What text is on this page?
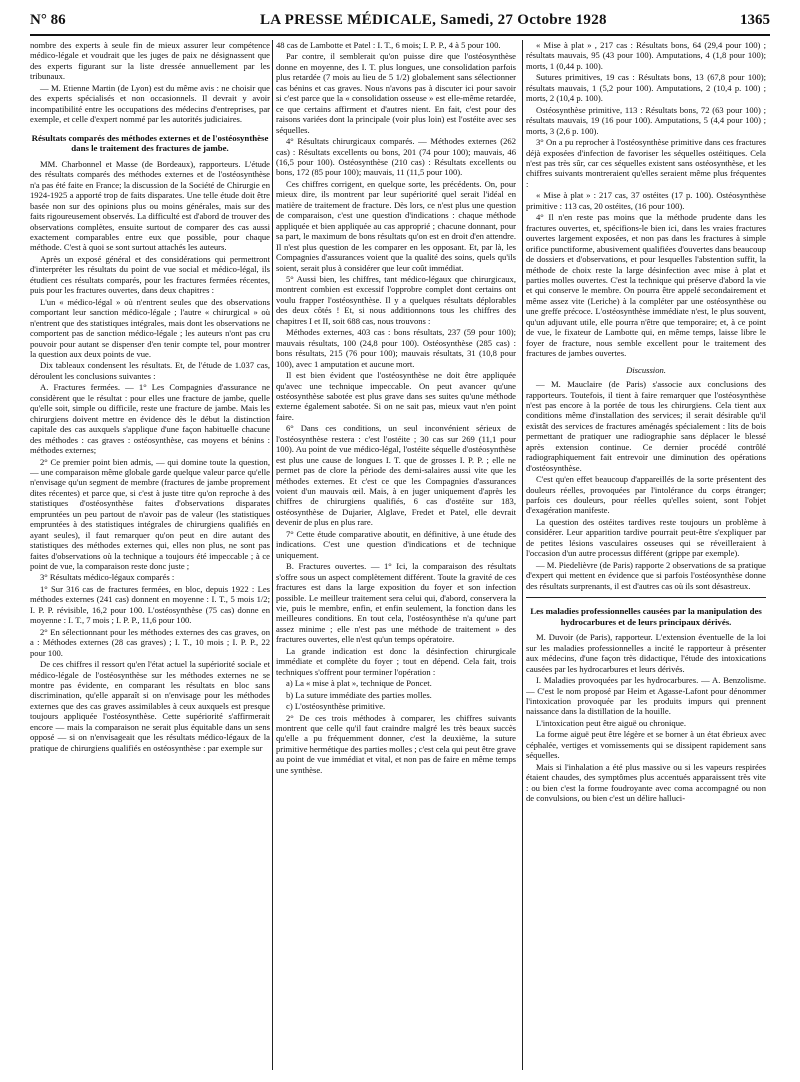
N° 86	LA PRESSE MÉDICALE, Samedi, 27 Octobre 1928	1365

nombre des experts à seule fin de mieux assurer leur compétence médico-légale et voudrait que les juges de paix ne désignassent que des experts figurant sur la liste dressée annuellement par les tribunaux.

— M. Etienne Martin (de Lyon) est du même avis : ne choisir que des experts spécialisés et non occasionnels. Il devrait y avoir incompatibilité entre les occupations des médecins d'entreprises, par exemple, et celle d'expert nommé par les autorités judiciaires.

Résultats comparés des méthodes externes et de l'ostéosynthèse dans le traitement des fractures de jambe.

MM. Charbonnel et Masse (de Bordeaux), rapporteurs. L'étude des résultats comparés des méthodes externes et de l'ostéosynthèse n'a pas été faite en France; la discussion de la Société de Chirurgie en 1924-1925 a apporté trop de faits disparates. Une telle étude doit être basée non sur des opinions plus ou moins générales, mais sur des faits rigoureusement observés. La difficulté est d'abord de trouver des observations complètes, ensuite surtout de comparer des cas aussi exactement comparables entre eux que possible, pour chaque méthode. C'est à quoi se sont surtout attachés les auteurs.

Après un exposé général et des considérations qui permettront d'interpréter les résultats du point de vue social et médico-légal, ils étudient ces résultats comparés, pour les fractures fermées récentes, puis pour les fractures ouvertes, dans deux chapitres :

L'un « médico-légal » où n'entrent seules que des observations comportant leur sanction médico-légale ; l'autre « chirurgical » où n'entrent que des statistiques intégrales, mais dont les observations ne comportent pas de sanction médico-légale ; les auteurs n'ont pas cru pouvoir pour autant se dispenser d'en tenir compte tel, pour montrer la question aux deux points de vue.

Dix tableaux condensent les résultats. Et, de l'étude de 1.037 cas, déroulent les conclusions suivantes :

A. Fractures fermées. — 1° Les Compagnies d'assurance ne considèrent que le résultat : pour elles une fracture de jambe, quelle qu'elle soit, simple ou difficile, reste une fracture de jambe. Mais les chirurgiens doivent mettre en évidence dès le début la distinction capitale des cas auxquels s'applique d'une façon habituelle chacune des méthodes : cas graves : ostéosynthèse, cas moyens et bénins : méthodes externes;

2° Ce premier point bien admis, — qui domine toute la question, — une comparaison même globale garde quelque valeur parce qu'elle n'envisage qu'un segment de membre (fractures de jambe proprement dites récentes) et parce que, si c'est à juste titre qu'on reproche à des statistiques d'ostéosynthèse faites d'observations disparates empruntées un peu partout de n'avoir pas de valeur (les statistiques empruntées à des statistiques intégrales de chirurgiens qualifiés en ayant seules), il faut remarquer qu'on peut en dire autant des statistiques des méthodes externes qui, elles non plus, ne sont pas faites d'observations où la technique a toujours été impeccable ; à ce point de vue, la comparaison reste donc juste ;

3° Résultats médico-légaux comparés :

1° Sur 316 cas de fractures fermées, en bloc, depuis 1922 : Les méthodes externes (241 cas) donnent en moyenne : I. T., 5 mois 1/2; I. P. P. révisible, 16,2 pour 100. L'ostéosynthèse (75 cas) donne en moyenne : I. T., 7 mois ; I. P. P., 11,6 pour 100.

2° En sélectionnant pour les méthodes externes des cas graves, on a : Méthodes externes (28 cas graves) ; I. T., 10 mois ; I. P. P., 22 pour 100.

De ces chiffres il ressort qu'en l'état actuel la supériorité sociale et médico-légale de l'ostéosynthèse sur les méthodes externes ne se montre pas évidente, en comparant les résultats en bloc sans discrimination, qu'elle apparaît si on n'envisage pour les méthodes externes que des cas graves assimilables à ceux auxquels est presque toujours appliquée l'ostéosynthèse. Cette supériorité s'affirmerait encore — mais la comparaison ne serait plus équitable dans un sens opposé — si on n'envisageait que les résultats médico-légaux de la pratique de chirurgiens qualifiés en ostéosynthèse : par exemple sur

48 cas de Lambotte et Patel : I. T., 6 mois; I. P. P., 4 à 5 pour 100.

Par contre, il semblerait qu'on puisse dire que l'ostéosynthèse donne en moyenne, des I. T. plus longues, une consolidation parfois plus retardée (7 mois au lieu de 5 1/2) globalement sans sélectionner cas bénins et cas graves. Nous n'avons pas à discuter ici pour savoir si c'est parce que la « consolidation osseuse » est elle-même retardée, ce que certains affirment et d'autres nient. En fait, c'est pour des raisons variées dont la principale (voir plus loin) est l'ostéite avec ses séquelles.

4° Résultats chirurgicaux comparés. — Méthodes externes (262 cas) : Résultats excellents ou bons, 201 (74 pour 100); mauvais, 46 (16,5 pour 100). Ostéosynthèse (210 cas) : Résultats excellents ou bons, 172 (85 pour 100); mauvais, 11 (11,5 pour 100).

Ces chiffres corrigent, en quelque sorte, les précédents. On, pour mieux dire, ils montrent par leur supériorité quel serait l'idéal en matière de traitement de fracture. Dès lors, ce n'est plus une question de comparaison, c'est une question d'indications : chaque méthode appliquée et bien appliquée au cas approprié ; chacune donnant, pour sa part, le maximum de bons résultats qu'on est en droit d'en attendre. Il n'est plus question de les comparer en les opposant. Et, par là, les Compagnies d'assurances voient que la qualité des soins, quels qu'ils soient, serait plus à considérer que leur coût immédiat.

5° Aussi bien, les chiffres, tant médico-légaux que chirurgicaux, montrent combien est excessif l'opprobre complet dont certains ont voulu frapper l'ostéosynthèse. Il y a quelques résultats déplorables des deux côtés ! Et, si nous additionnons tous les chiffres des chapitres I et II, soit 688 cas, nous trouvons :

Méthodes externes, 403 cas : bons résultats, 237 (59 pour 100); mauvais résultats, 100 (24,8 pour 100). Ostéosynthèse (285 cas) : bons résultats, 215 (76 pour 100); mauvais résultats, 31 (10,8 pour 100), avec 1 amputation et aucune mort.

Il est bien évident que l'ostéosynthèse ne doit être appliquée qu'avec une technique impeccable. On peut avancer qu'une ostéosynthèse sabotée est plus grave dans ses suites qu'une méthode externe également sabotée. Si on ne sait pas, mieux vaut n'en point faire.

6° Dans ces conditions, un seul inconvénient sérieux de l'ostéosynthèse restera : c'est l'ostéite ; 30 cas sur 269 (11,1 pour 100). Au point de vue médico-légal, l'ostéite séquelle d'ostéosynthèse est plus une cause de longues I. T. que de grosses I. P. P. ; elle ne permet pas de clore la période des demi-salaires aussi vite que les méthodes externes. Et c'est ce que les Compagnies d'assurances voient d'un mauvais œil. Mais, à en juger uniquement d'après les chiffres de chirurgiens qualifiés, 6 cas d'ostéite sur 183, ostéosynthèse de Dujarier, Alglave, Fredet et Patel, elle devrait devenir de plus en plus rare.

7° Cette étude comparative aboutit, en définitive, à une étude des indications. C'est une question d'indications et de technique uniquement.

B. Fractures ouvertes. — 1° Ici, la comparaison des résultats s'offre sous un aspect complètement différent. Toute la gravité de ces fractures est dans la large exposition du foyer et son infection possible. Le meilleur traitement sera celui qui, d'abord, conservera la vie, puis le membre, enfin, et enfin seulement, la fonction dans les meilleures conditions. En tout cela, l'ostéosynthèse n'a qu'une part assez minime ; elle n'est pas une méthode de traitement » des fractures ouvertes, elle n'est qu'un temps opératoire.

La grande indication est donc la désinfection chirurgicale immédiate et complète du foyer ; tout en dépend. Cela fait, trois techniques s'offrent pour terminer l'opération :

a) La « mise à plat », technique de Poncet.

b) La suture immédiate des parties molles.

c) L'ostéosynthèse primitive.

2° De ces trois méthodes à comparer, les chiffres suivants montrent que celle qu'il faut craindre malgré les très beaux succès qu'elle a pu fréquemment donner, c'est la deuxième, la suture primitive hermétique des parties molles ; c'est cela qui peut être grave au point de vue immédiat et vital, et non pas de faire en même temps une synthèse.

« Mise à plat » , 217 cas : Résultats bons, 64 (29,4 pour 100) ; résultats mauvais, 95 (43 pour 100). Amputations, 4 (1,8 pour 100); morts, 1 (0,44 p. 100).

Sutures primitives, 19 cas : Résultats bons, 13 (67,8 pour 100); résultats mauvais, 1 (5,2 pour 100). Amputations, 2 (10,4 p. 100) ; morts, 2 (10,4 p. 100).

Ostéosynthèse primitive, 113 : Résultats bons, 72 (63 pour 100) ; résultats mauvais, 19 (16 pour 100). Amputations, 5 (4,4 pour 100) ; morts, 3 (2,6 p. 100).

3° On a pu reprocher à l'ostéosynthèse primitive dans ces fractures déjà exposées d'infection de favoriser les séquelles ostéitiques. Cela n'est pas très sûr, car ces séquelles existent sans ostéosynthèse, et les chiffres suivants montreraient qu'elles seraient même plus fréquentes :

« Mise à plat » : 217 cas, 37 ostéites (17 p. 100). Ostéosynthèse primitive : 113 cas, 20 ostéites, (16 pour 100).

4° Il n'en reste pas moins que la méthode prudente dans les fractures ouvertes, et, spécifions-le bien ici, dans les vraies fractures ouvertes largement exposées, et non pas dans les fractures à simple orifice punctiforme, abusivement qualifiées d'ouvertes dans beaucoup de dossiers et d'observations, et pour lesquelles l'abstention suffit, la méthode de choix reste la large désinfection avec mise à plat et parties molles ouvertes. C'est la technique qui préserve d'abord la vie et qui conserve le membre. On pourra être appelé secondairement et même assez vite (Leriche) à la compléter par une ostéosynthèse ou une greffe précoce. L'ostéosynthèse immédiate n'est, le plus souvent, qu'un adjuvant utile, elle pourra n'être que temporaire; et, à ce point de vue, le fixateur de Lambotte qui, en même temps, laisse libre le foyer de fracture, nous semble excellent pour le traitement des fractures de jambes ouvertes.

Discussion.

— M. Mauclaire (de Paris) s'associe aux conclusions des rapporteurs. Toutefois, il tient à faire remarquer que l'ostéosynthèse n'est pas encore à la portée de tous les chirurgiens. Cela tient aux conditions même d'installation des services; il serait désirable qu'il existât des services de fractures aménagés spécialement : lits de bois permettant de pratiquer une radiographie sans déplacer le blessé après extension continue. Ce dernier procédé contrôlé radiographiquement fait entrevoir une diminution des opérations d'ostéosynthèse.

C'est qu'en effet beaucoup d'appareillés de la sorte présentent des douleurs réelles, provoquées par l'intolérance du corps étranger; parfois ces douleurs, pour réelles qu'elles soient, sont l'objet d'exagération manifeste.

La question des ostéites tardives reste toujours un problème à considérer. Leur apparition tardive pourrait peut-être s'expliquer par de petites lésions vasculaires osseuses qui se réveilleraient à l'occasion d'un autre processus différent (grippe par exemple).

— M. Piedelièvre (de Paris) rapporte 2 observations de sa pratique d'expert qui mettent en évidence que si parfois l'ostéosynthèse donne des résultats surprenants, il est d'autres cas où ils sont désastreux.

Les maladies professionnelles causées par la manipulation des hydrocarbures et de leurs principaux dérivés.

M. Duvoir (de Paris), rapporteur. L'extension éventuelle de la loi sur les maladies professionnelles a incité le rapporteur à présenter aux médecins, d'une façon très didactique, l'étude des intoxications causées par les hydrocarbures et leurs dérivés.

I. Maladies provoquées par les hydrocarbures. — A. Benzolisme. — C'est le nom proposé par Heim et Agasse-Lafont pour dénommer l'intoxication provoquée par les produits impurs qui prennent naissance dans la distillation de la houille.

L'intoxication peut être aiguë ou chronique.

La forme aiguë peut être légère et se borner à un état ébrieux avec céphalée, vertiges et vomissements qui se dissipent rapidement sans séquelles.

Mais si l'inhalation a été plus massive ou si les vapeurs respirées étaient chaudes, des symptômes plus accentués apparaissent très vite : ou bien c'est la forme foudroyante avec coma accompagné ou non de convulsions, ou bien c'est un délire halluci-
